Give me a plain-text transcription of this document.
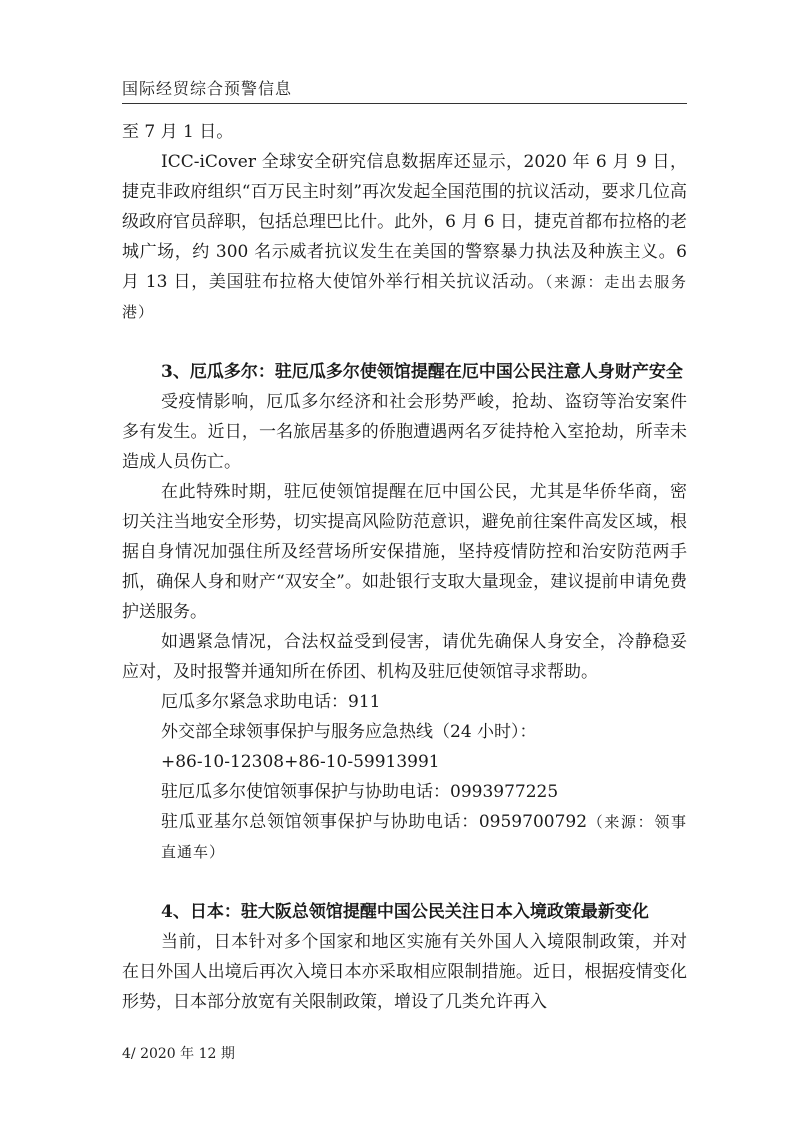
国际经贸综合预警信息

至 7 月 1 日。

ICC-iCover 全球安全研究信息数据库还显示，2020 年 6 月 9 日，捷克非政府组织“百万民主时刻”再次发起全国范围的抗议活动，要求几位高级政府官员辞职，包括总理巴比什。此外，6 月 6 日，捷克首都布拉格的老城广场，约 300 名示威者抗议发生在美国的警察暴力执法及种族主义。6 月 13 日，美国驻布拉格大使馆外举行相关抗议活动。（来源：走出去服务港）

3、厄瓜多尔：驻厄瓜多尔使领馆提醒在厄中国公民注意人身财产安全

受疫情影响，厄瓜多尔经济和社会形势严峻，抢劫、盗窃等治安案件多有发生。近日，一名旅居基多的侨胞遭遇两名歹徒持枪入室抢劫，所幸未造成人员伤亡。

在此特殊时期，驻厄使领馆提醒在厄中国公民，尤其是华侨华商，密切关注当地安全形势，切实提高风险防范意识，避免前往案件高发区域，根据自身情况加强住所及经营场所安保措施，坚持疫情防控和治安防范两手抓，确保人身和财产“双安全”。如赴银行支取大量现金，建议提前申请免费护送服务。

如遇紧急情况，合法权益受到侵害，请优先确保人身安全，冷静稳妥应对，及时报警并通知所在侨团、机构及驻厄使领馆寻求帮助。

厄瓜多尔紧急求助电话：911

外交部全球领事保护与服务应急热线（24 小时）：

+86-10-12308+86-10-59913991

驻厄瓜多尔使馆领事保护与协助电话：0993977225

驻瓜亚基尔总领馆领事保护与协助电话：0959700792（来源：领事直通车）

4、日本：驻大阪总领馆提醒中国公民关注日本入境政策最新变化

当前，日本针对多个国家和地区实施有关外国人入境限制政策，并对在日外国人出境后再次入境日本亦采取相应限制措施。近日，根据疫情变化形势，日本部分放宽有关限制政策，增设了几类允许再入

4/ 2020 年 12 期
